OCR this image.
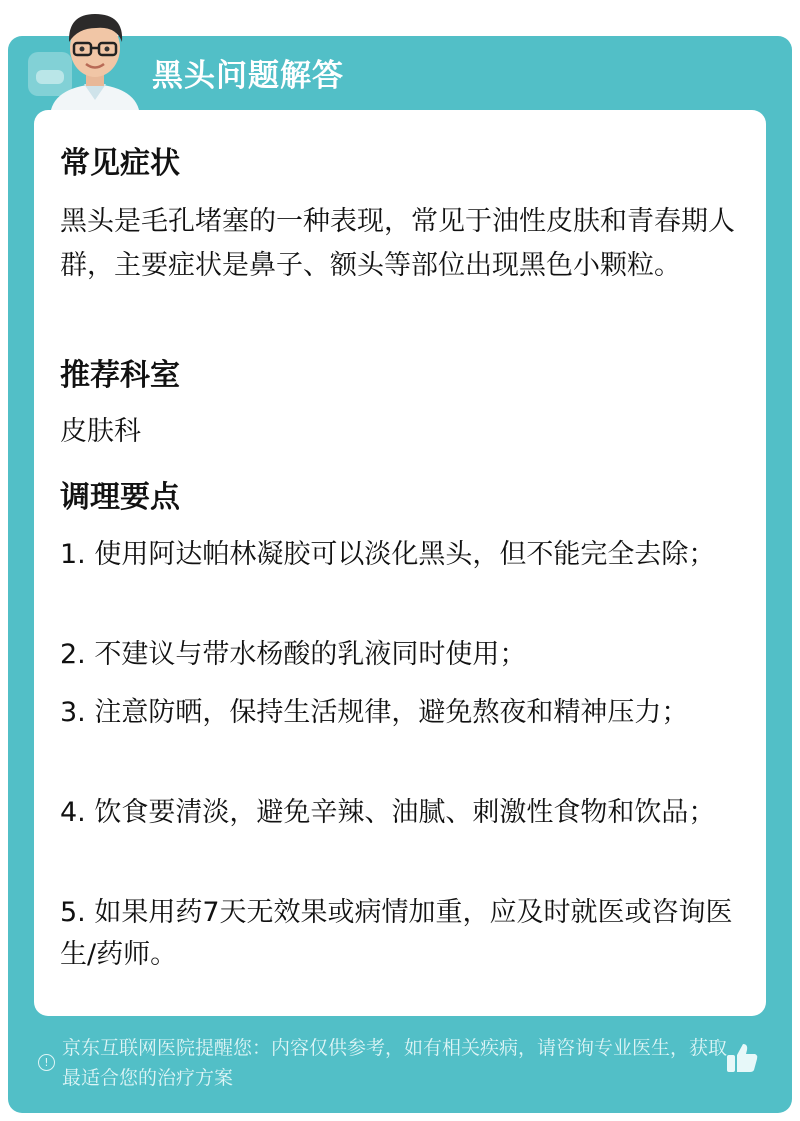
黑头问题解答
常见症状
黑头是毛孔堵塞的一种表现，常见于油性皮肤和青春期人群，主要症状是鼻子、额头等部位出现黑色小颗粒。
推荐科室
皮肤科
调理要点
1. 使用阿达帕林凝胶可以淡化黑头，但不能完全去除；
2. 不建议与带水杨酸的乳液同时使用；
3. 注意防晒，保持生活规律，避免熬夜和精神压力；
4. 饮食要清淡，避免辛辣、油腻、刺激性食物和饮品；
5. 如果用药7天无效果或病情加重，应及时就医或咨询医生/药师。
!
京东互联网医院提醒您：内容仅供参考，如有相关疾病，请咨询专业医生，获取最适合您的治疗方案
